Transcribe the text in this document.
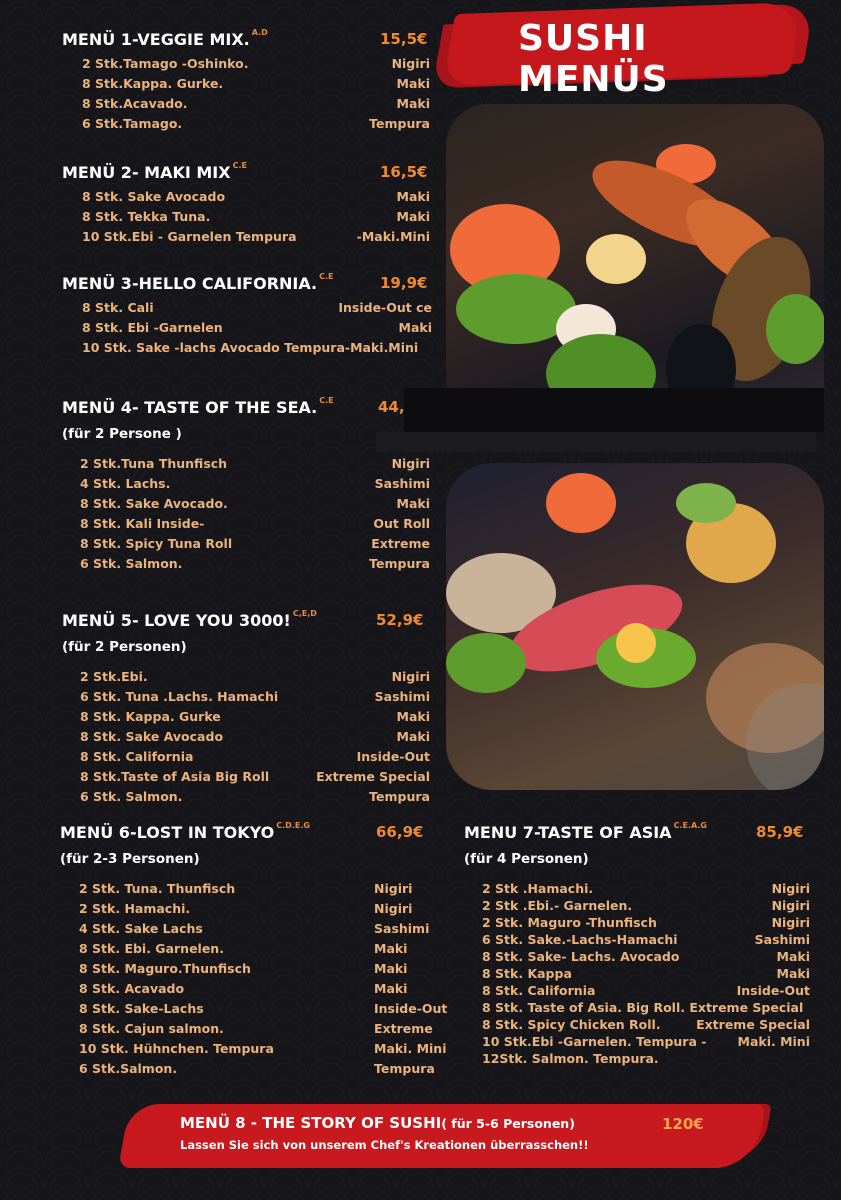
SUSHI MENÜS
MENÜ 1-VEGGIE MIX. $^{A.D}$	15,5€
2 Stk.Tamago -Oshinko.	Nigiri
8 Stk.Kappa. Gurke.	Maki
8 Stk.Acavado.	Maki
6 Stk.Tamago.	Tempura
MENÜ 2- MAKI MIX $^{C.E}$	16,5€
8 Stk. Sake Avocado	Maki
8 Stk. Tekka Tuna.	Maki
10 Stk.Ebi - Garnelen Tempura	-Maki.Mini
MENÜ 3-HELLO CALIFORNIA. $^{C.E}$	19,9€
8 Stk. Cali	Inside-Out ce
8 Stk. Ebi -Garnelen	Maki
10 Stk. Sake -lachs Avocado Tempura-Maki.Mini
MENÜ 4- TASTE OF THE SEA. $^{C.E}$	44,
(für 2 Persone )
2 Stk.Tuna Thunfisch	Nigiri
4 Stk. Lachs.	Sashimi
8 Stk. Sake Avocado.	Maki
8 Stk. Kali Inside-	Out Roll
8 Stk. Spicy Tuna Roll	Extreme
6 Stk. Salmon.	Tempura
MENÜ 5- LOVE YOU 3000! $^{C,E,D}$	52,9€
(für 2 Personen)
2 Stk.Ebi.	Nigiri
6 Stk. Tuna .Lachs. Hamachi	Sashimi
8 Stk. Kappa. Gurke	Maki
8 Stk. Sake Avocado	Maki
8 Stk. California	Inside-Out
8 Stk.Taste of Asia Big Roll	Extreme Special
6 Stk. Salmon.	Tempura
MENÜ 6-LOST IN TOKYO $^{C.D.E.G}$	66,9€
(für 2-3 Personen)
2 Stk. Tuna. Thunfisch	Nigiri
2 Stk. Hamachi.	Nigiri
4 Stk. Sake Lachs	Sashimi
8 Stk. Ebi. Garnelen.	Maki
8 Stk. Maguro.Thunfisch	Maki
8 Stk. Acavado	Maki
8 Stk. Sake-Lachs	Inside-Out
8 Stk. Cajun salmon.	Extreme
10 Stk. Hühnchen. Tempura	Maki. Mini
6 Stk.Salmon.	Tempura
MENU 7-TASTE OF ASIA $^{C.E.A.G}$	85,9€
(für 4 Personen)
2 Stk .Hamachi.	Nigiri
2 Stk .Ebi.- Garnelen.	Nigiri
2 Stk. Maguro -Thunfisch	Nigiri
6 Stk. Sake.-Lachs-Hamachi	Sashimi
8 Stk. Sake- Lachs. Avocado	Maki
8 Stk. Kappa	Maki
8 Stk. California	Inside-Out
8 Stk. Taste of Asia. Big Roll. Extreme Special
8 Stk. Spicy Chicken Roll.	Extreme Special
10 Stk.Ebi -Garnelen. Tempura - Maki. Mini
12Stk. Salmon. Tempura.
MENÜ 8 - THE STORY OF SUSHI( für 5-6 Personen)	120€
Lassen Sie sich von unserem Chef's Kreationen überrasschen!!
